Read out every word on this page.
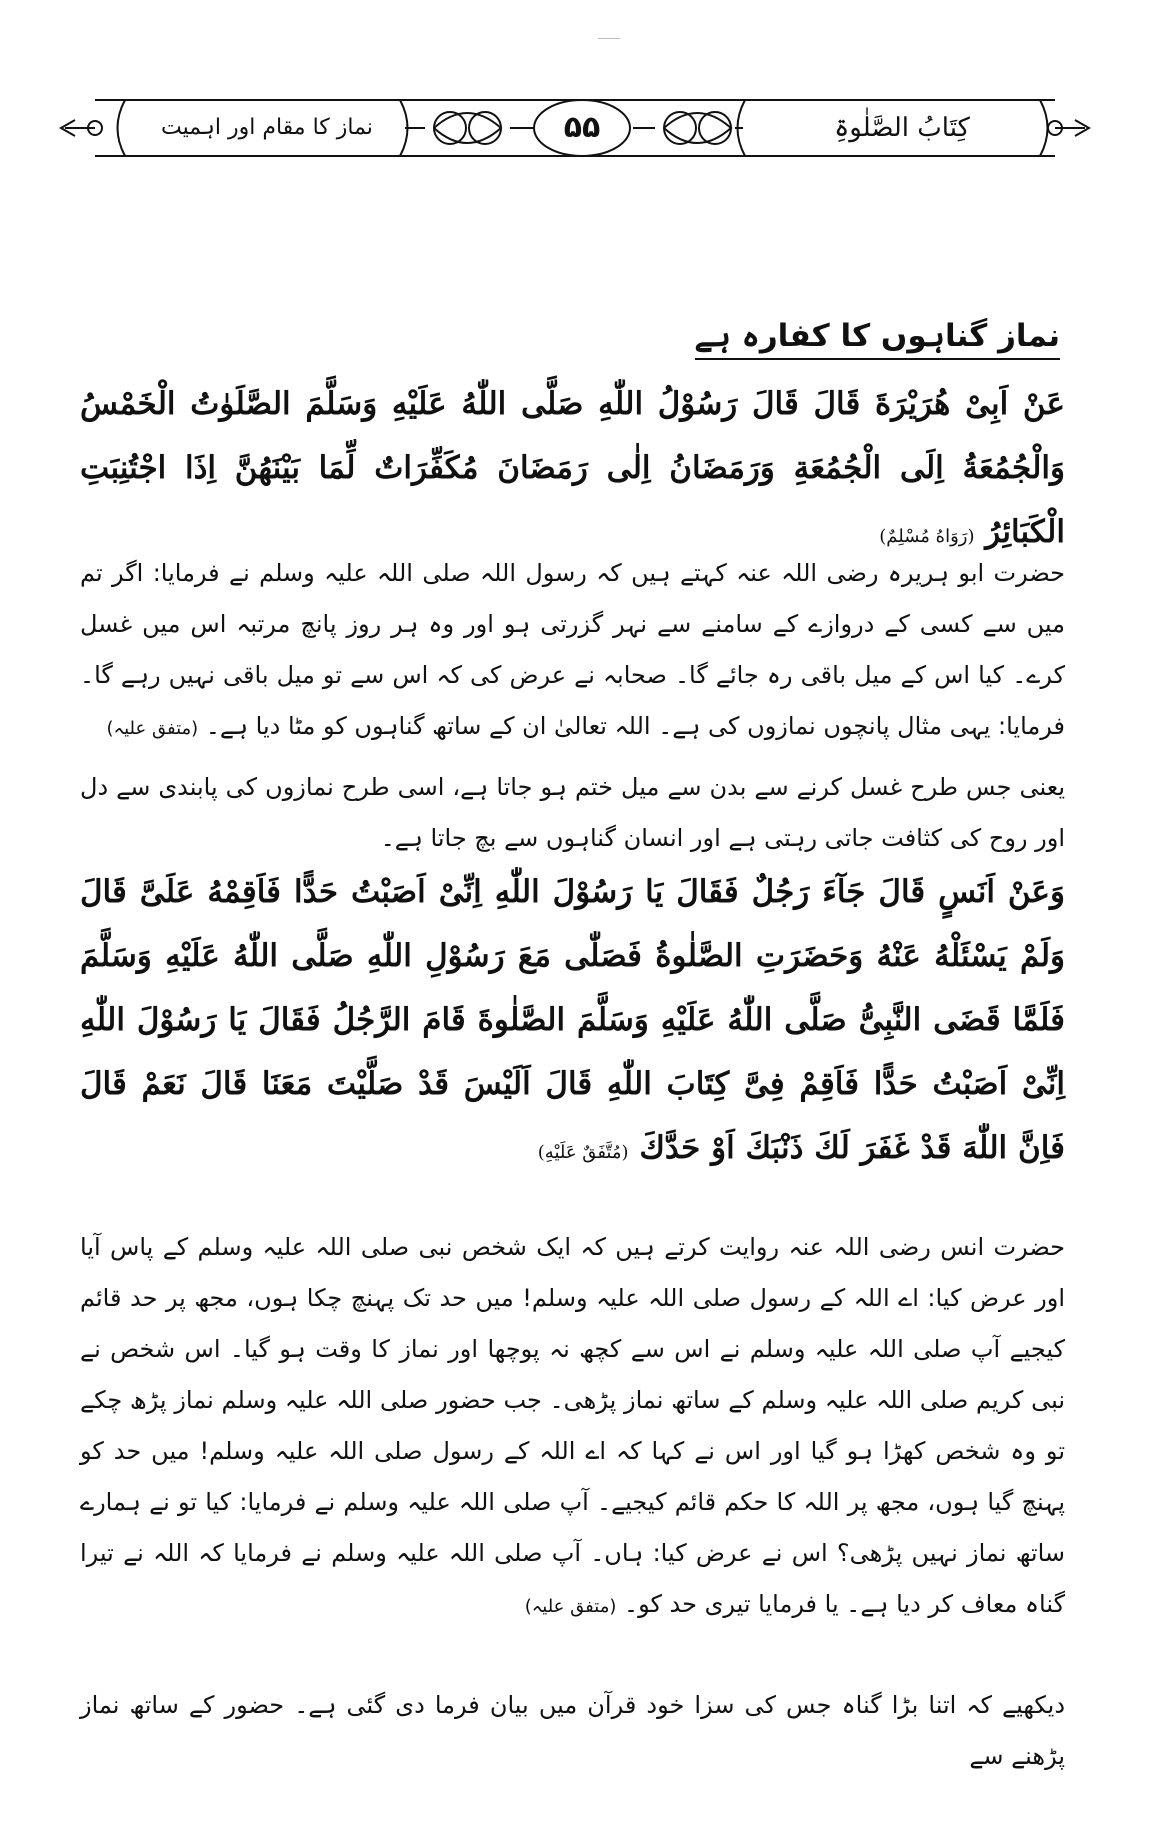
کِتَابُ الصَّلٰوۃِ
۵۵
نماز کا مقام اور اہمیت
نماز گناہوں کا کفارہ ہے

عَنْ اَبِیْ هُرَیْرَةَ قَالَ قَالَ رَسُوْلُ اللّٰهِ صَلَّى اللّٰهُ عَلَیْهِ وَسَلَّمَ الصَّلَوٰتُ الْخَمْسُ وَالْجُمُعَةُ اِلَى الْجُمُعَةِ وَرَمَضَانُ اِلٰى رَمَضَانَ مُكَفِّرَاتٌ لِّمَا بَیْنَهُنَّ اِذَا اجْتُنِبَتِ الْكَبَائِرُ (رَوَاهُ مُسْلِمٌ)

حضرت ابو ہریرہ رضی اللہ عنہ کہتے ہیں کہ رسول اللہ صلی اللہ علیہ وسلم نے فرمایا: اگر تم میں سے کسی کے دروازے کے سامنے سے نہر گزرتی ہو اور وہ ہر روز پانچ مرتبہ اس میں غسل کرے۔ کیا اس کے میل باقی رہ جائے گا۔ صحابہ نے عرض کی کہ اس سے تو میل باقی نہیں رہے گا۔ فرمایا: یہی مثال پانچوں نمازوں کی ہے۔ اللہ تعالیٰ ان کے ساتھ گناہوں کو مٹا دیا ہے۔ (متفق علیہ)

یعنی جس طرح غسل کرنے سے بدن سے میل ختم ہو جاتا ہے، اسی طرح نمازوں کی پابندی سے دل اور روح کی کثافت جاتی رہتی ہے اور انسان گناہوں سے بچ جاتا ہے۔

وَعَنْ اَنَسٍ قَالَ جَآءَ رَجُلٌ فَقَالَ یَا رَسُوْلَ اللّٰهِ اِنِّیْ اَصَبْتُ حَدًّا فَاَقِمْهُ عَلَیَّ قَالَ وَلَمْ یَسْئَلْهُ عَنْهُ وَحَضَرَتِ الصَّلٰوةُ فَصَلّٰی مَعَ رَسُوْلِ اللّٰهِ صَلَّى اللّٰهُ عَلَیْهِ وَسَلَّمَ فَلَمَّا قَضَى النَّبِیُّ صَلَّى اللّٰهُ عَلَیْهِ وَسَلَّمَ الصَّلٰوةَ قَامَ الرَّجُلُ فَقَالَ یَا رَسُوْلَ اللّٰهِ اِنِّیْ اَصَبْتُ حَدًّا فَاَقِمْ فِیَّ كِتَابَ اللّٰهِ قَالَ اَلَیْسَ قَدْ صَلَّیْتَ مَعَنَا قَالَ نَعَمْ قَالَ فَاِنَّ اللّٰهَ قَدْ غَفَرَ لَكَ ذَنْبَكَ اَوْ حَدَّكَ (مُتَّفَقٌ عَلَیْهِ)

حضرت انس رضی اللہ عنہ روایت کرتے ہیں کہ ایک شخص نبی صلی اللہ علیہ وسلم کے پاس آیا اور عرض کیا: اے اللہ کے رسول صلی اللہ علیہ وسلم! میں حد تک پہنچ چکا ہوں، مجھ پر حد قائم کیجیے آپ صلی اللہ علیہ وسلم نے اس سے کچھ نہ پوچھا اور نماز کا وقت ہو گیا۔ اس شخص نے نبی کریم صلی اللہ علیہ وسلم کے ساتھ نماز پڑھی۔ جب حضور صلی اللہ علیہ وسلم نماز پڑھ چکے تو وہ شخص کھڑا ہو گیا اور اس نے کہا کہ اے اللہ کے رسول صلی اللہ علیہ وسلم! میں حد کو پہنچ گیا ہوں، مجھ پر اللہ کا حکم قائم کیجیے۔ آپ صلی اللہ علیہ وسلم نے فرمایا: کیا تو نے ہمارے ساتھ نماز نہیں پڑھی؟ اس نے عرض کیا: ہاں۔ آپ صلی اللہ علیہ وسلم نے فرمایا کہ اللہ نے تیرا گناہ معاف کر دیا ہے۔ یا فرمایا تیری حد کو۔ (متفق علیہ)

دیکھیے کہ اتنا بڑا گناہ جس کی سزا خود قرآن میں بیان فرما دی گئی ہے۔ حضور کے ساتھ نماز پڑھنے سے
